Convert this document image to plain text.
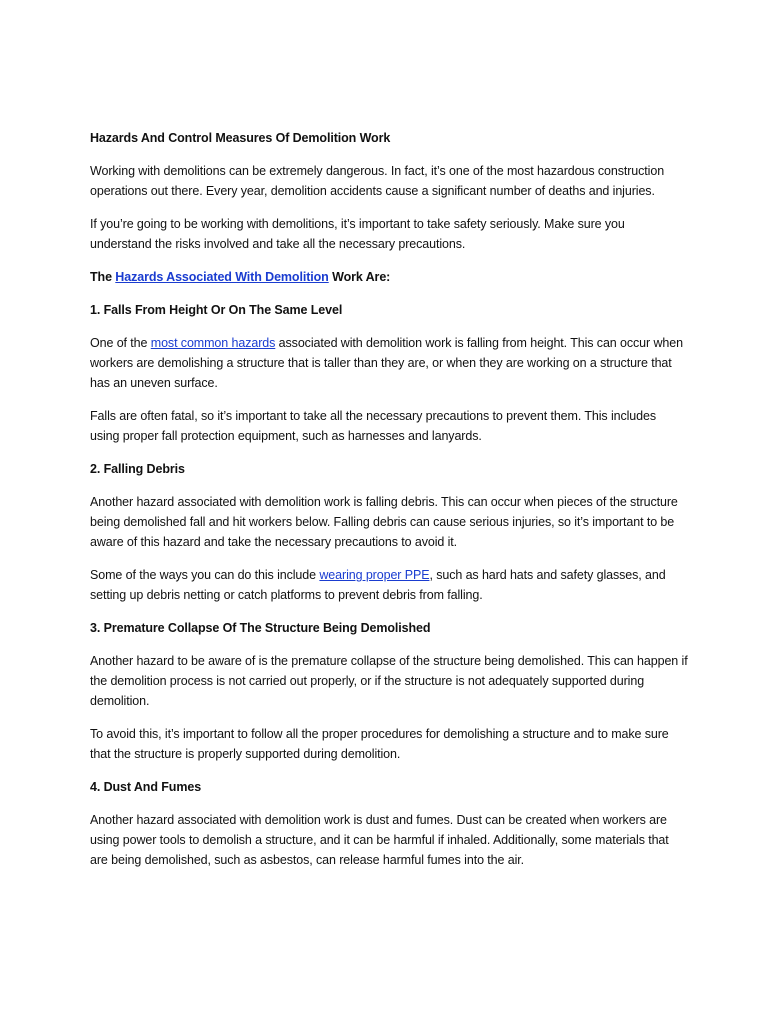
Hazards And Control Measures Of Demolition Work

Working with demolitions can be extremely dangerous. In fact, it’s one of the most hazardous construction operations out there. Every year, demolition accidents cause a significant number of deaths and injuries.

If you’re going to be working with demolitions, it’s important to take safety seriously. Make sure you understand the risks involved and take all the necessary precautions.

The Hazards Associated With Demolition Work Are:
1. Falls From Height Or On The Same Level

One of the most common hazards associated with demolition work is falling from height. This can occur when workers are demolishing a structure that is taller than they are, or when they are working on a structure that has an uneven surface.

Falls are often fatal, so it’s important to take all the necessary precautions to prevent them. This includes using proper fall protection equipment, such as harnesses and lanyards.

2. Falling Debris

Another hazard associated with demolition work is falling debris. This can occur when pieces of the structure being demolished fall and hit workers below. Falling debris can cause serious injuries, so it’s important to be aware of this hazard and take the necessary precautions to avoid it.

Some of the ways you can do this include wearing proper PPE, such as hard hats and safety glasses, and setting up debris netting or catch platforms to prevent debris from falling.

3. Premature Collapse Of The Structure Being Demolished

Another hazard to be aware of is the premature collapse of the structure being demolished. This can happen if the demolition process is not carried out properly, or if the structure is not adequately supported during demolition.

To avoid this, it’s important to follow all the proper procedures for demolishing a structure and to make sure that the structure is properly supported during demolition.

4. Dust And Fumes

Another hazard associated with demolition work is dust and fumes. Dust can be created when workers are using power tools to demolish a structure, and it can be harmful if inhaled. Additionally, some materials that are being demolished, such as asbestos, can release harmful fumes into the air.
